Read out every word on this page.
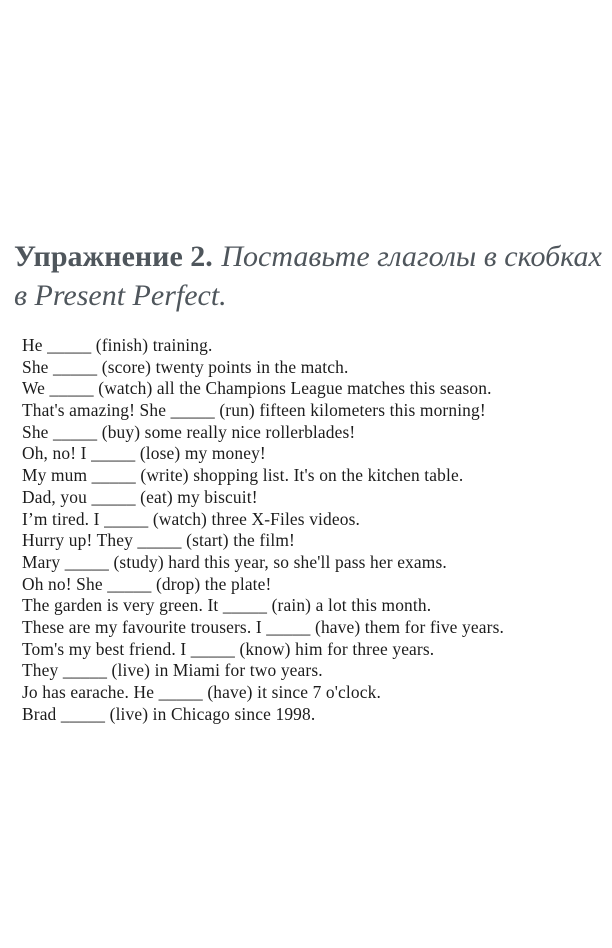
Упражнение 2. Поставьте глаголы в скобках в Present Perfect.
He _____ (finish) training.
She _____ (score) twenty points in the match.
We _____ (watch) all the Champions League matches this season.
That's amazing! She _____ (run) fifteen kilometers this morning!
She _____ (buy) some really nice rollerblades!
Oh, no! I _____ (lose) my money!
My mum _____ (write) shopping list. It's on the kitchen table.
Dad, you _____ (eat) my biscuit!
I’m tired. I _____ (watch) three X-Files videos.
Hurry up! They _____ (start) the film!
Mary _____ (study) hard this year, so she'll pass her exams.
Oh no! She _____ (drop) the plate!
The garden is very green. It _____ (rain) a lot this month.
These are my favourite trousers. I _____ (have) them for five years.
Tom's my best friend. I _____ (know) him for three years.
They _____ (live) in Miami for two years.
Jo has earache. He _____ (have) it since 7 o'clock.
Brad _____ (live) in Chicago since 1998.
